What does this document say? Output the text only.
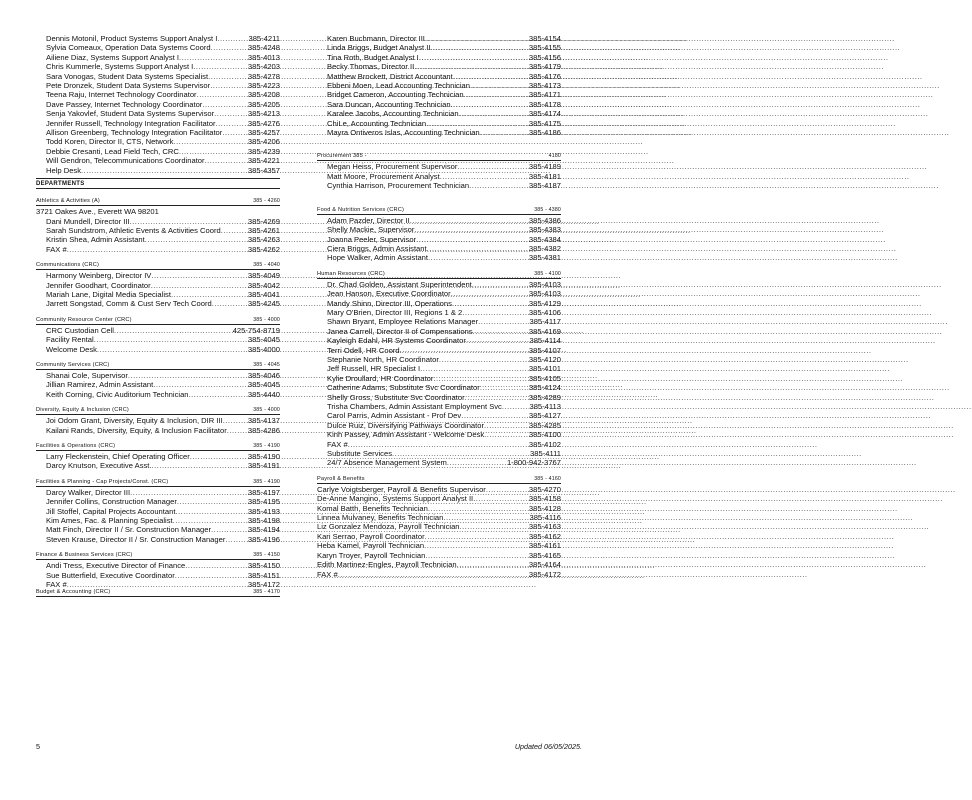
Dennis Motonil, Product Systems Support Analyst I .....	385-4211
Sylvia Comeaux, Operation Data Systems Coord .....	385-4248
Ailiene Diaz, Systems Support Analyst I .....	385-4013
Chris Kummerle, Systems Support Analyst I .....	385-4203
Sara Vonogas, Student Data Systems Specialist .....	385-4278
Pete Dronzek, Student Data Systems Supervisor .....	385-4223
Teena Raju, Internet Technology Coordinator .....	385-4208
Dave Passey, Internet Technology Coordinator .....	385-4205
Senja Yakovlef, Student Data Systems Supervisor .....	385-4213
Jennifer Russell, Technology Integration Facilitator .....	385-4276
Allison Greenberg, Technology Integration Facilitator .....	385-4257
Todd Koren, Director II, CTS, Network .....	385-4206
Debbie Cresanti, Lead Field Tech, CRC .....	385-4239
Will Gendron, Telecommunications Coordinator .....	385-4221
Help Desk .....	385-4357
DEPARTMENTS
Athletics & Activities (A)	385 - 4260
3721 Oakes Ave., Everett WA 98201
Dani Mundell, Director III .....	385-4269
Sarah Sundstrom, Athletic Events & Activities Coord .....	385-4261
Kristin Shea, Admin Assistant .....	385-4263
FAX # .....	385-4262
Communications (CRC)	385 - 4040
Harmony Weinberg, Director IV .....	385-4049
Jennifer Goodhart, Coordinator .....	385-4042
Mariah Lane, Digital Media Specialist .....	385-4041
Jarrett Songstad, Comm & Cust Serv Tech Coord .....	385-4245
Community Resource Center (CRC)	385 - 4000
CRC Custodian Cell .....	425-754-8719
Facility Rental .....	385-4045
Welcome Desk .....	385-4000
Community Services (CRC)	385 - 4045
Shanai Cole, Supervisor .....	385-4046
Jillian Ramirez, Admin Assistant .....	385-4045
Keith Corning, Civic Auditorium Technician .....	385-4440
Diversity, Equity & Inclusion (CRC)	385 - 4000
Joi Odom Grant, Diversity, Equity & Inclusion, DIR III .....	385-4137
Kailani Rands, Diversity, Equity, & Inclusion Facilitator .....	385-4286
Facilities & Operations (CRC)	385 - 4190
Larry Fleckenstein, Chief Operating Officer .....	385-4190
Darcy Knutson, Executive Asst. .....	385-4191
Facilities & Planning - Cap Projects/Const. (CRC)	385 - 4190
Darcy Walker, Director III .....	385-4197
Jennifer Collins, Construction Manager .....	385-4195
Jill Stoffel, Capital Projects Accountant .....	385-4193
Kim Ames, Fac. & Planning Specialist .....	385-4198
Matt Finch, Director II / Sr. Construction Manager .....	385-4194
Steven Krause, Director II / Sr. Construction Manager .....	385-4196
Finance & Business Services (CRC)	385 - 4150
Andi Tress, Executive Director of Finance .....	385-4150
Sue Butterfield, Executive Coordinator .....	385-4151
FAX # .....	385-4172
Budget & Accounting (CRC)	385 - 4170
Karen Buchmann, Director III .....	385-4154
Linda Briggs, Budget Analyst II .....	385-4155
Tina Roth, Budget Analyst I .....	385-4156
Becky Thomas, Director II .....	385-4179
Matthew Brockett, District Accountant .....	385-4176
Ebbeni Moen, Lead Accounting Technician .....	385-4173
Bridget Cameron, Accounting Technician .....	385-4171
Sara Duncan, Accounting Technician .....	385-4178
Karalee Jacobs, Accounting Technician .....	385-4174
ChiLe, Accounting Technician .....	385-4175
Mayra Ontiveros Islas, Accounting Technician .....	385-4186
Procurement 385 -	4180
Megan Heiss, Procurement Supervisor .....	385-4189
Matt Moore, Procurement Analyst .....	385-4181
Cynthia Harrison, Procurement Technician .....	385-4187
Food & Nutrition Services (CRC)	385 - 4380
Adam Pazder, Director II .....	385-4386
Shelly Mackie, Supervisor .....	385-4383
Joanna Peeler, Supervisor .....	385-4384
Ciera Briggs, Admin Assistant .....	385-4382
Hope Walker, Admin Assistant .....	385-4381
Human Resources (CRC)	385 - 4100
Dr. Chad Golden, Assistant Superintendent .....	385-4103
Jean Hanson, Executive Coordinator .....	385-4103
Mandy Shinn, Director III, Operations .....	385-4129
Mary O'Brien, Director III, Regions 1 & 2 .....	385-4106
Shawn Bryant, Employee Relations Manager .....	385-4117
Janea Carrell, Director II of Compensations .....	385-4169
Kayleigh Edahl, HR Systems Coordinator .....	385-4114
Terri Odell, HR Coord. .....	385-4107
Stephanie North, HR Coordinator .....	385-4120
Jeff Russell, HR Specialist I .....	385-4101
Kylie Droullard, HR Coordinator .....	385-4105
Catherine Adams, Substitute Svc Coordinator .....	385-4124
Shelly Gross, Substitute Svc Coordinator .....	385-4289
Trisha Chambers, Admin Assistant Employment Svc .....	385-4113
Carol Parris, Admin Assistant - Prof Dev .....	385-4127
Dulce Ruiz, Diversifying Pathways Coordinator .....	385-4285
Kinh Passey, Admin Assistant - Welcome Desk .....	385-4100
FAX # .....	385-4102
Substitute Services .....	385-4111
24/7 Absence Management System .....	1-800-942-3767
Payroll & Benefits	385 - 4160
Carlye Voigtsberger, Payroll & Benefits Supervisor .....	385-4270
De-Anne Mangino, Systems Support Analyst II .....	385-4158
Komal Batth, Benefits Technician .....	385-4128
Linnea Mulvaney, Benefits Technician .....	385-4116
Liz Gonzalez Mendoza, Payroll Technician .....	385-4163
Kari Serrao, Payroll Coordinator .....	385-4162
Heba Kamel, Payroll Technician .....	385-4161
Karyn Troyer, Payroll Technician .....	385-4165
Edith Martinez-Engles, Payroll Technician .....	385-4164
FAX # .....	385-4172
5	Updated 06/05/2025.
